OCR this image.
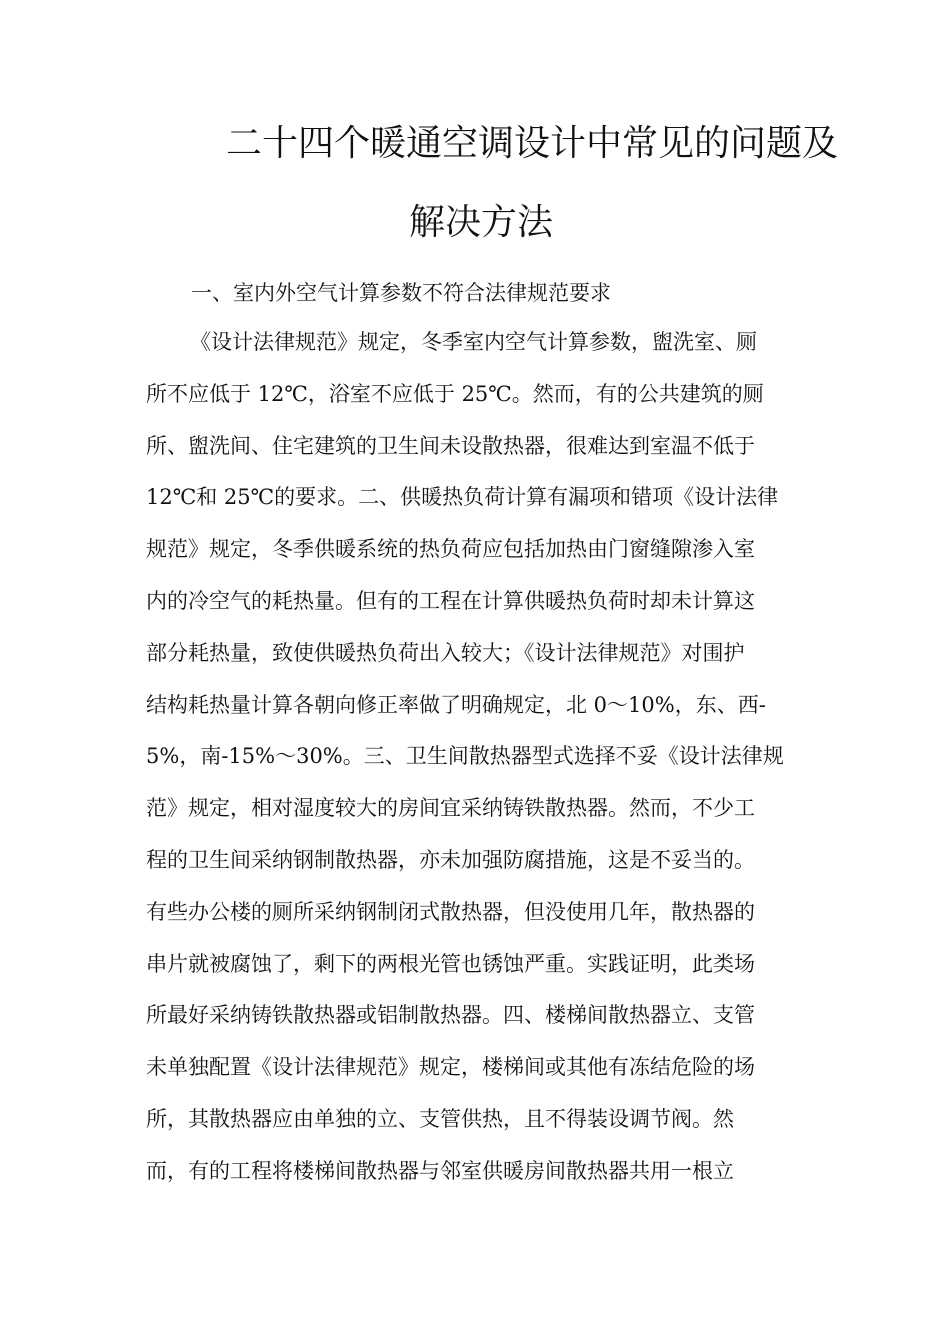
二十四个暖通空调设计中常见的问题及
解决方法
一、室内外空气计算参数不符合法律规范要求
《设计法律规范》规定，冬季室内空气计算参数，盥洗室、厕
所不应低于 12℃，浴室不应低于 25℃。然而，有的公共建筑的厕
所、盥洗间、住宅建筑的卫生间未设散热器，很难达到室温不低于
12℃和 25℃的要求。二、供暖热负荷计算有漏项和错项《设计法律
规范》规定，冬季供暖系统的热负荷应包括加热由门窗缝隙渗入室
内的冷空气的耗热量。但有的工程在计算供暖热负荷时却未计算这
部分耗热量，致使供暖热负荷出入较大；《设计法律规范》对围护
结构耗热量计算各朝向修正率做了明确规定，北 0～10%，东、西-
5%，南-15%～30%。三、卫生间散热器型式选择不妥《设计法律规
范》规定，相对湿度较大的房间宜采纳铸铁散热器。然而，不少工
程的卫生间采纳钢制散热器，亦未加强防腐措施，这是不妥当的。
有些办公楼的厕所采纳钢制闭式散热器，但没使用几年，散热器的
串片就被腐蚀了，剩下的两根光管也锈蚀严重。实践证明，此类场
所最好采纳铸铁散热器或铝制散热器。四、楼梯间散热器立、支管
未单独配置《设计法律规范》规定，楼梯间或其他有冻结危险的场
所，其散热器应由单独的立、支管供热，且不得装设调节阀。然
而，有的工程将楼梯间散热器与邻室供暖房间散热器共用一根立
